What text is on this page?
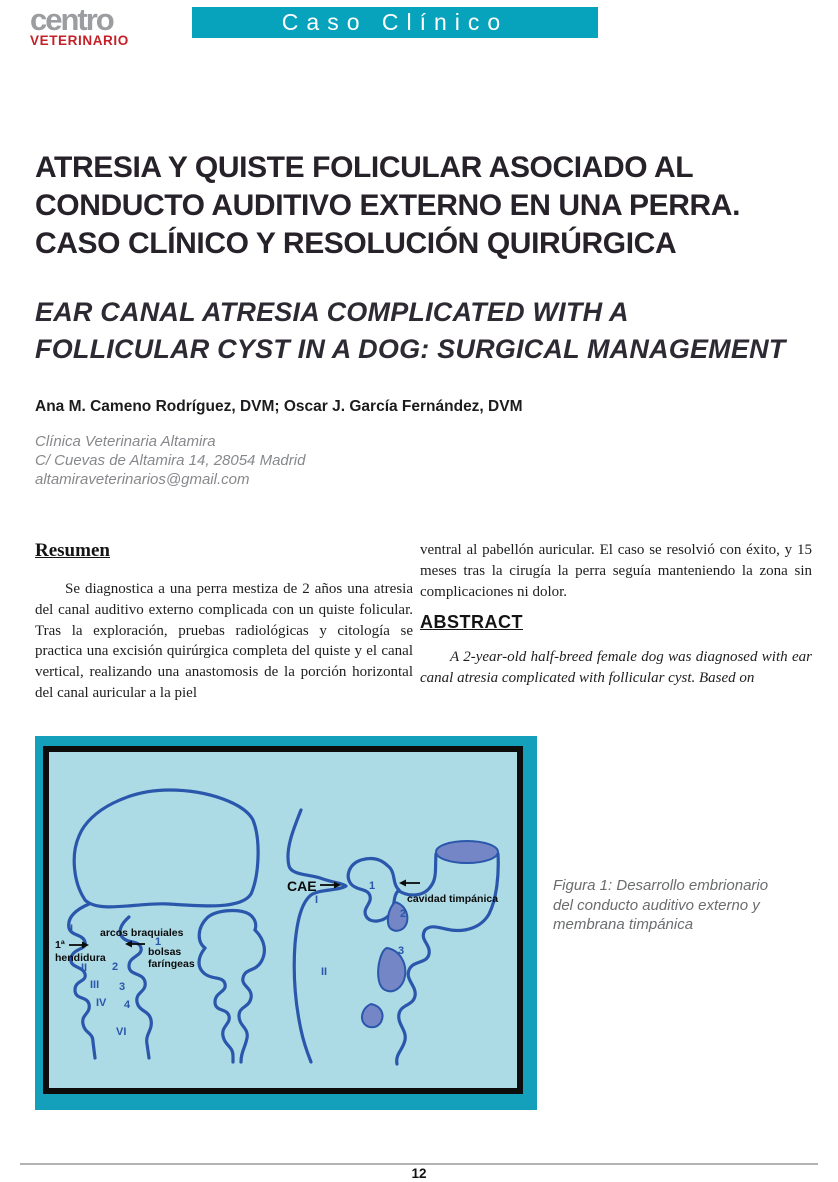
centro
VETERINARIO
Caso Clínico
ATRESIA Y QUISTE FOLICULAR ASOCIADO AL
CONDUCTO AUDITIVO EXTERNO EN UNA PERRA.
CASO CLÍNICO Y RESOLUCIÓN QUIRÚRGICA
EAR CANAL ATRESIA COMPLICATED WITH A
FOLLICULAR CYST IN A DOG: SURGICAL MANAGEMENT
Ana M. Cameno Rodríguez, DVM; Oscar J. García Fernández, DVM
Clínica Veterinaria Altamira
C/ Cuevas de Altamira 14, 28054 Madrid
altamiraveterinarios@gmail.com
Resumen

Se diagnostica a una perra mestiza de 2 años una atresia del canal auditivo externo complicada con un quiste folicular. Tras la exploración, pruebas radiológicas y citología se practica una excisión quirúrgica completa del quiste y el canal vertical, realizando una anastomosis de la porción horizontal del canal auricular a la piel

ventral al pabellón auricular. El caso se resolvió con éxito, y 15 meses tras la cirugía la perra seguía manteniendo la zona sin complicaciones ni dolor.

ABSTRACT

A 2-year-old half-breed female dog was diagnosed with ear canal atresia complicated with follicular cyst. Based on

I	arcos braquiales
1
1ª
hendidura	bolsas
faríngeas
II 2
III 3
IV 4
VI
CAE
I
1
cavidad timpánica
2
3
II
Figura 1: Desarrollo embrionario del conducto auditivo externo y membrana timpánica
12
